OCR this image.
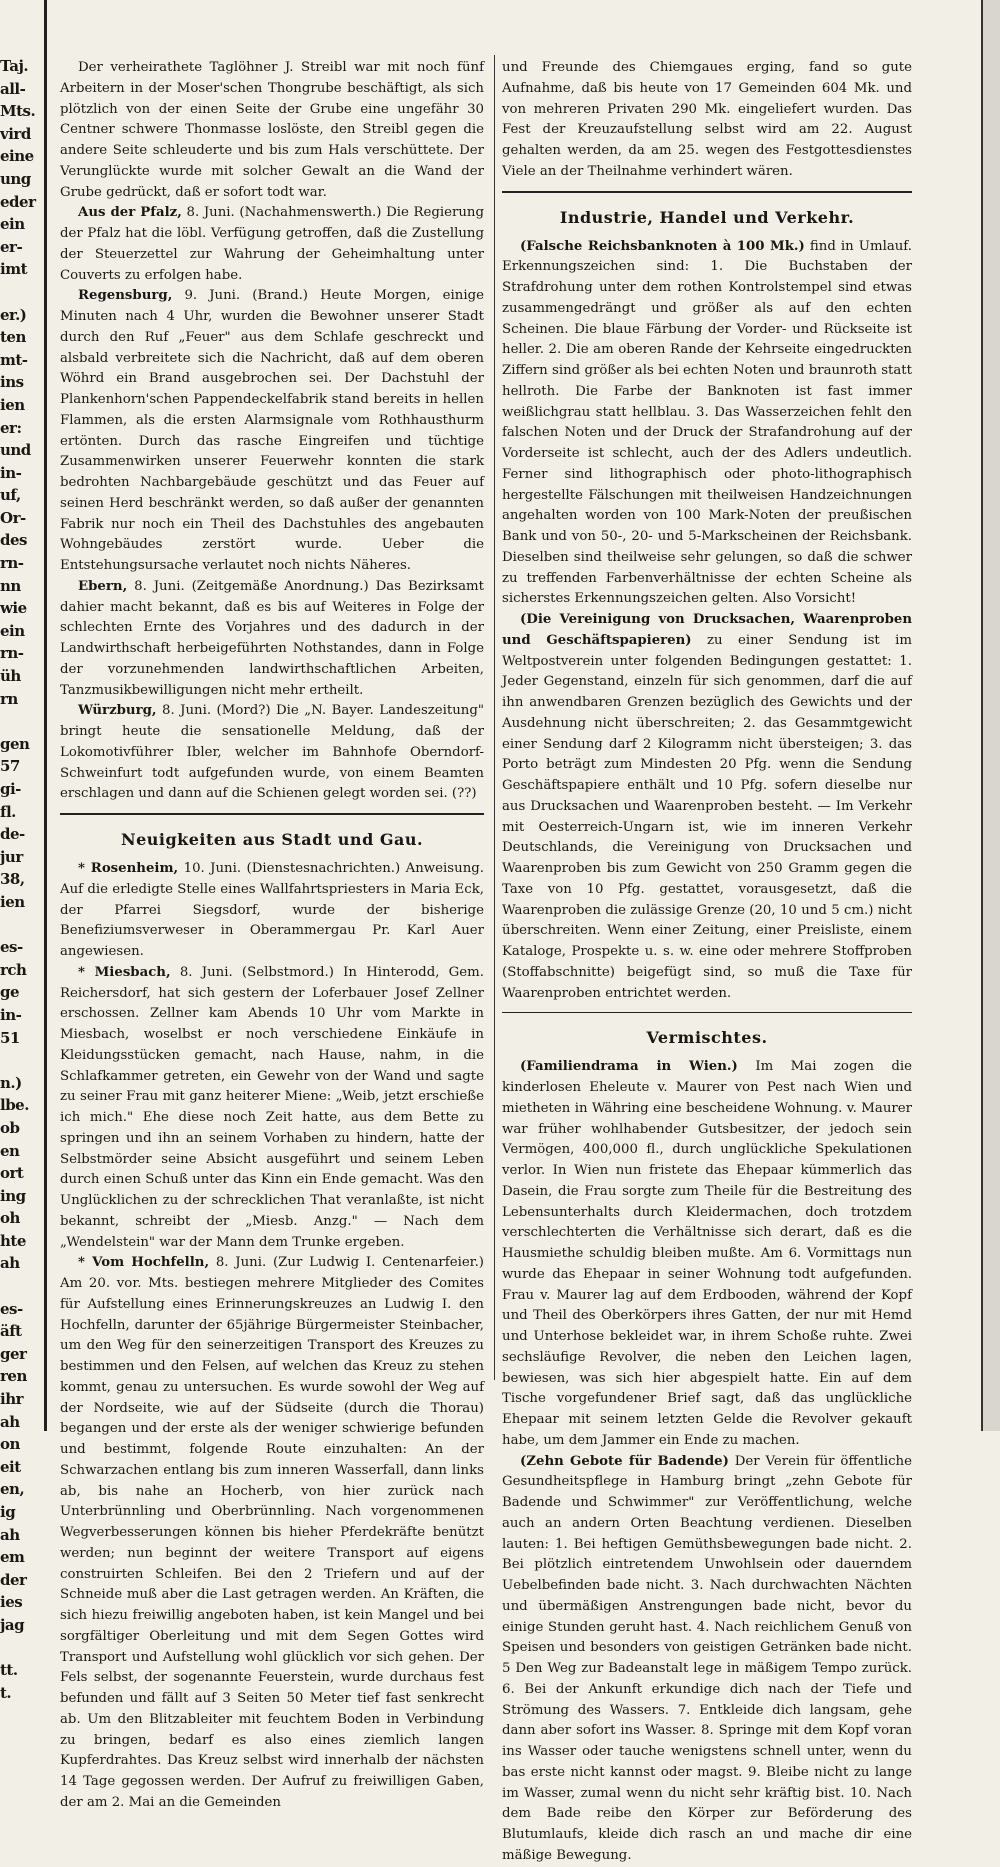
Taj.
all-
Mts.
vird
eine
ung
eder
ein
er-
imt
er.)
ten
mt-
ins
ien
er:
und
in-
uf,
Or-
des
rn-
nn
wie
ein
rn-
üh
rn
gen
57
gi-
fl.
de-
jur
38,
ien
es-
rch
ge
in-
51
n.)
lbe.
ob
en
ort
ing
oh
hte
ah
es-
äft
ger
ren
ihr
ah
on
eit
en,
ig
ah
em
der
ies
jag
tt.
t.

Der verheirathete Taglöhner J. Streibl war mit noch fünf Arbeitern in der Moser'schen Thongrube beschäftigt, als sich plötzlich von der einen Seite der Grube eine ungefähr 30 Centner schwere Thonmasse loslöste, den Streibl gegen die andere Seite schleuderte und bis zum Hals verschüttete. Der Verunglückte wurde mit solcher Gewalt an die Wand der Grube gedrückt, daß er sofort todt war.

Aus der Pfalz, 8. Juni. (Nachahmenswerth.) Die Regierung der Pfalz hat die löbl. Verfügung getroffen, daß die Zustellung der Steuerzettel zur Wahrung der Geheimhaltung unter Couverts zu erfolgen habe.

Regensburg, 9. Juni. (Brand.) Heute Morgen, einige Minuten nach 4 Uhr, wurden die Bewohner unserer Stadt durch den Ruf „Feuer" aus dem Schlafe geschreckt und alsbald verbreitete sich die Nachricht, daß auf dem oberen Wöhrd ein Brand ausgebrochen sei. Der Dachstuhl der Plankenhorn'schen Pappendeckelfabrik stand bereits in hellen Flammen, als die ersten Alarmsignale vom Rothhausthurm ertönten. Durch das rasche Eingreifen und tüchtige Zusammenwirken unserer Feuerwehr konnten die stark bedrohten Nachbargebäude geschützt und das Feuer auf seinen Herd beschränkt werden, so daß außer der genannten Fabrik nur noch ein Theil des Dachstuhles des angebauten Wohngebäudes zerstört wurde. Ueber die Entstehungsursache verlautet noch nichts Näheres.

Ebern, 8. Juni. (Zeitgemäße Anordnung.) Das Bezirksamt dahier macht bekannt, daß es bis auf Weiteres in Folge der schlechten Ernte des Vorjahres und des dadurch in der Landwirthschaft herbeigeführten Nothstandes, dann in Folge der vorzunehmenden landwirthschaftlichen Arbeiten, Tanzmusikbewilligungen nicht mehr ertheilt.

Würzburg, 8. Juni. (Mord?) Die „N. Bayer. Landeszeitung" bringt heute die sensationelle Meldung, daß der Lokomotivführer Ibler, welcher im Bahnhofe Oberndorf-Schweinfurt todt aufgefunden wurde, von einem Beamten erschlagen und dann auf die Schienen gelegt worden sei. (??)

Neuigkeiten aus Stadt und Gau.

* Rosenheim, 10. Juni. (Dienstesnachrichten.) Anweisung. Auf die erledigte Stelle eines Wallfahrtspriesters in Maria Eck, der Pfarrei Siegsdorf, wurde der bisherige Benefiziumsverweser in Oberammergau Pr. Karl Auer angewiesen.

* Miesbach, 8. Juni. (Selbstmord.) In Hinterodd, Gem. Reichersdorf, hat sich gestern der Loferbauer Josef Zellner erschossen. Zellner kam Abends 10 Uhr vom Markte in Miesbach, woselbst er noch verschiedene Einkäufe in Kleidungsstücken gemacht, nach Hause, nahm, in die Schlafkammer getreten, ein Gewehr von der Wand und sagte zu seiner Frau mit ganz heiterer Miene: „Weib, jetzt erschieße ich mich." Ehe diese noch Zeit hatte, aus dem Bette zu springen und ihn an seinem Vorhaben zu hindern, hatte der Selbstmörder seine Absicht ausgeführt und seinem Leben durch einen Schuß unter das Kinn ein Ende gemacht. Was den Unglücklichen zu der schrecklichen That veranlaßte, ist nicht bekannt, schreibt der „Miesb. Anzg." — Nach dem „Wendelstein" war der Mann dem Trunke ergeben.

* Vom Hochfelln, 8. Juni. (Zur Ludwig I. Centenarfeier.) Am 20. vor. Mts. bestiegen mehrere Mitglieder des Comites für Aufstellung eines Erinnerungskreuzes an Ludwig I. den Hochfelln, darunter der 65jährige Bürgermeister Steinbacher, um den Weg für den seinerzeitigen Transport des Kreuzes zu bestimmen und den Felsen, auf welchen das Kreuz zu stehen kommt, genau zu untersuchen. Es wurde sowohl der Weg auf der Nordseite, wie auf der Südseite (durch die Thorau) begangen und der erste als der weniger schwierige befunden und bestimmt, folgende Route einzuhalten: An der Schwarzachen entlang bis zum inneren Wasserfall, dann links ab, bis nahe an Hocherb, von hier zurück nach Unterbrünnling und Oberbrünnling. Nach vorgenommenen Wegverbesserungen können bis hieher Pferdekräfte benützt werden; nun beginnt der weitere Transport auf eigens construirten Schleifen. Bei den 2 Triefern und auf der Schneide muß aber die Last getragen werden. An Kräften, die sich hiezu freiwillig angeboten haben, ist kein Mangel und bei sorgfältiger Oberleitung und mit dem Segen Gottes wird Transport und Aufstellung wohl glücklich vor sich gehen. Der Fels selbst, der sogenannte Feuerstein, wurde durchaus fest befunden und fällt auf 3 Seiten 50 Meter tief fast senkrecht ab. Um den Blitzableiter mit feuchtem Boden in Verbindung zu bringen, bedarf es also eines ziemlich langen Kupferdrahtes. Das Kreuz selbst wird innerhalb der nächsten 14 Tage gegossen werden. Der Aufruf zu freiwilligen Gaben, der am 2. Mai an die Gemeinden

und Freunde des Chiemgaues erging, fand so gute Aufnahme, daß bis heute von 17 Gemeinden 604 Mk. und von mehreren Privaten 290 Mk. eingeliefert wurden. Das Fest der Kreuzaufstellung selbst wird am 22. August gehalten werden, da am 25. wegen des Festgottesdienstes Viele an der Theilnahme verhindert wären.

Industrie, Handel und Verkehr.

(Falsche Reichsbanknoten à 100 Mk.) find in Umlauf. Erkennungszeichen sind: 1. Die Buchstaben der Strafdrohung unter dem rothen Kontrolstempel sind etwas zusammengedrängt und größer als auf den echten Scheinen. Die blaue Färbung der Vorder- und Rückseite ist heller. 2. Die am oberen Rande der Kehrseite eingedruckten Ziffern sind größer als bei echten Noten und braunroth statt hellroth. Die Farbe der Banknoten ist fast immer weißlichgrau statt hellblau. 3. Das Wasserzeichen fehlt den falschen Noten und der Druck der Strafandrohung auf der Vorderseite ist schlecht, auch der des Adlers undeutlich. Ferner sind lithographisch oder photo-lithographisch hergestellte Fälschungen mit theilweisen Handzeichnungen angehalten worden von 100 Mark-Noten der preußischen Bank und von 50-, 20- und 5-Markscheinen der Reichsbank. Dieselben sind theilweise sehr gelungen, so daß die schwer zu treffenden Farbenverhältnisse der echten Scheine als sicherstes Erkennungszeichen gelten. Also Vorsicht!

(Die Vereinigung von Drucksachen, Waarenproben und Geschäftspapieren) zu einer Sendung ist im Weltpostverein unter folgenden Bedingungen gestattet: 1. Jeder Gegenstand, einzeln für sich genommen, darf die auf ihn anwendbaren Grenzen bezüglich des Gewichts und der Ausdehnung nicht überschreiten; 2. das Gesammtgewicht einer Sendung darf 2 Kilogramm nicht übersteigen; 3. das Porto beträgt zum Mindesten 20 Pfg. wenn die Sendung Geschäftspapiere enthält und 10 Pfg. sofern dieselbe nur aus Drucksachen und Waarenproben besteht. — Im Verkehr mit Oesterreich-Ungarn ist, wie im inneren Verkehr Deutschlands, die Vereinigung von Drucksachen und Waarenproben bis zum Gewicht von 250 Gramm gegen die Taxe von 10 Pfg. gestattet, vorausgesetzt, daß die Waarenproben die zulässige Grenze (20, 10 und 5 cm.) nicht überschreiten. Wenn einer Zeitung, einer Preisliste, einem Kataloge, Prospekte u. s. w. eine oder mehrere Stoffproben (Stoffabschnitte) beigefügt sind, so muß die Taxe für Waarenproben entrichtet werden.

Vermischtes.

(Familiendrama in Wien.) Im Mai zogen die kinderlosen Eheleute v. Maurer von Pest nach Wien und mietheten in Währing eine bescheidene Wohnung. v. Maurer war früher wohlhabender Gutsbesitzer, der jedoch sein Vermögen, 400,000 fl., durch unglückliche Spekulationen verlor. In Wien nun fristete das Ehepaar kümmerlich das Dasein, die Frau sorgte zum Theile für die Bestreitung des Lebensunterhalts durch Kleidermachen, doch trotzdem verschlechterten die Verhältnisse sich derart, daß es die Hausmiethe schuldig bleiben mußte. Am 6. Vormittags nun wurde das Ehepaar in seiner Wohnung todt aufgefunden. Frau v. Maurer lag auf dem Erdbooden, während der Kopf und Theil des Oberkörpers ihres Gatten, der nur mit Hemd und Unterhose bekleidet war, in ihrem Schoße ruhte. Zwei sechsläufige Revolver, die neben den Leichen lagen, bewiesen, was sich hier abgespielt hatte. Ein auf dem Tische vorgefundener Brief sagt, daß das unglückliche Ehepaar mit seinem letzten Gelde die Revolver gekauft habe, um dem Jammer ein Ende zu machen.

(Zehn Gebote für Badende) Der Verein für öffentliche Gesundheitspflege in Hamburg bringt „zehn Gebote für Badende und Schwimmer" zur Veröffentlichung, welche auch an andern Orten Beachtung verdienen. Dieselben lauten: 1. Bei heftigen Gemüthsbewegungen bade nicht. 2. Bei plötzlich eintretendem Unwohlsein oder dauerndem Uebelbefinden bade nicht. 3. Nach durchwachten Nächten und übermäßigen Anstrengungen bade nicht, bevor du einige Stunden geruht hast. 4. Nach reichlichem Genuß von Speisen und besonders von geistigen Getränken bade nicht. 5 Den Weg zur Badeanstalt lege in mäßigem Tempo zurück. 6. Bei der Ankunft erkundige dich nach der Tiefe und Strömung des Wassers. 7. Entkleide dich langsam, gehe dann aber sofort ins Wasser. 8. Springe mit dem Kopf voran ins Wasser oder tauche wenigstens schnell unter, wenn du bas erste nicht kannst oder magst. 9. Bleibe nicht zu lange im Wasser, zumal wenn du nicht sehr kräftig bist. 10. Nach dem Bade reibe den Körper zur Beförderung des Blutumlaufs, kleide dich rasch an und mache dir eine mäßige Bewegung.
